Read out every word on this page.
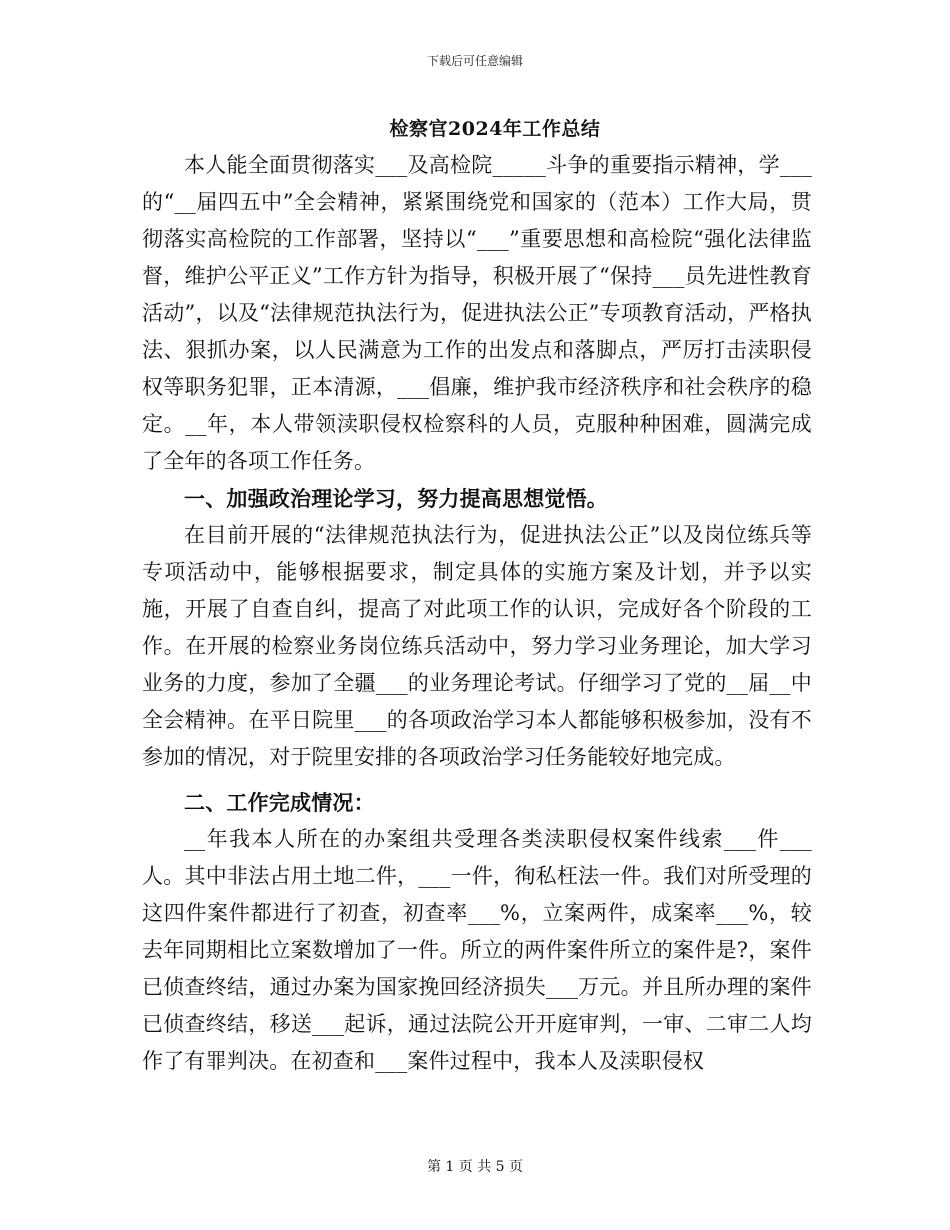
下载后可任意编辑
检察官2024年工作总结

本人能全面贯彻落实___及高检院_____斗争的重要指示精神，学___的“__届四五中”全会精神，紧紧围绕党和国家的（范本）工作大局，贯彻落实高检院的工作部署，坚持以“___”重要思想和高检院“强化法律监督，维护公平正义”工作方针为指导，积极开展了“保持___员先进性教育活动”，以及“法律规范执法行为，促进执法公正”专项教育活动，严格执法、狠抓办案，以人民满意为工作的出发点和落脚点，严厉打击渎职侵权等职务犯罪，正本清源，___倡廉，维护我市经济秩序和社会秩序的稳定。__年，本人带领渎职侵权检察科的人员，克服种种困难，圆满完成了全年的各项工作任务。

一、加强政治理论学习，努力提高思想觉悟。

在目前开展的“法律规范执法行为，促进执法公正”以及岗位练兵等专项活动中，能够根据要求，制定具体的实施方案及计划，并予以实施，开展了自查自纠，提高了对此项工作的认识，完成好各个阶段的工作。在开展的检察业务岗位练兵活动中，努力学习业务理论，加大学习业务的力度，参加了全疆___的业务理论考试。仔细学习了党的__届__中全会精神。在平日院里___的各项政治学习本人都能够积极参加，没有不参加的情况，对于院里安排的各项政治学习任务能较好地完成。

二、工作完成情况：

__年我本人所在的办案组共受理各类渎职侵权案件线索___件___人。其中非法占用土地二件，___一件，徇私枉法一件。我们对所受理的这四件案件都进行了初查，初查率___%，立案两件，成案率___%，较去年同期相比立案数增加了一件。所立的两件案件所立的案件是?，案件已侦查终结，通过办案为国家挽回经济损失___万元。并且所办理的案件已侦查终结，移送___起诉，通过法院公开开庭审判，一审、二审二人均作了有罪判决。在初查和___案件过程中，我本人及渎职侵权

第 1 页 共 5 页
